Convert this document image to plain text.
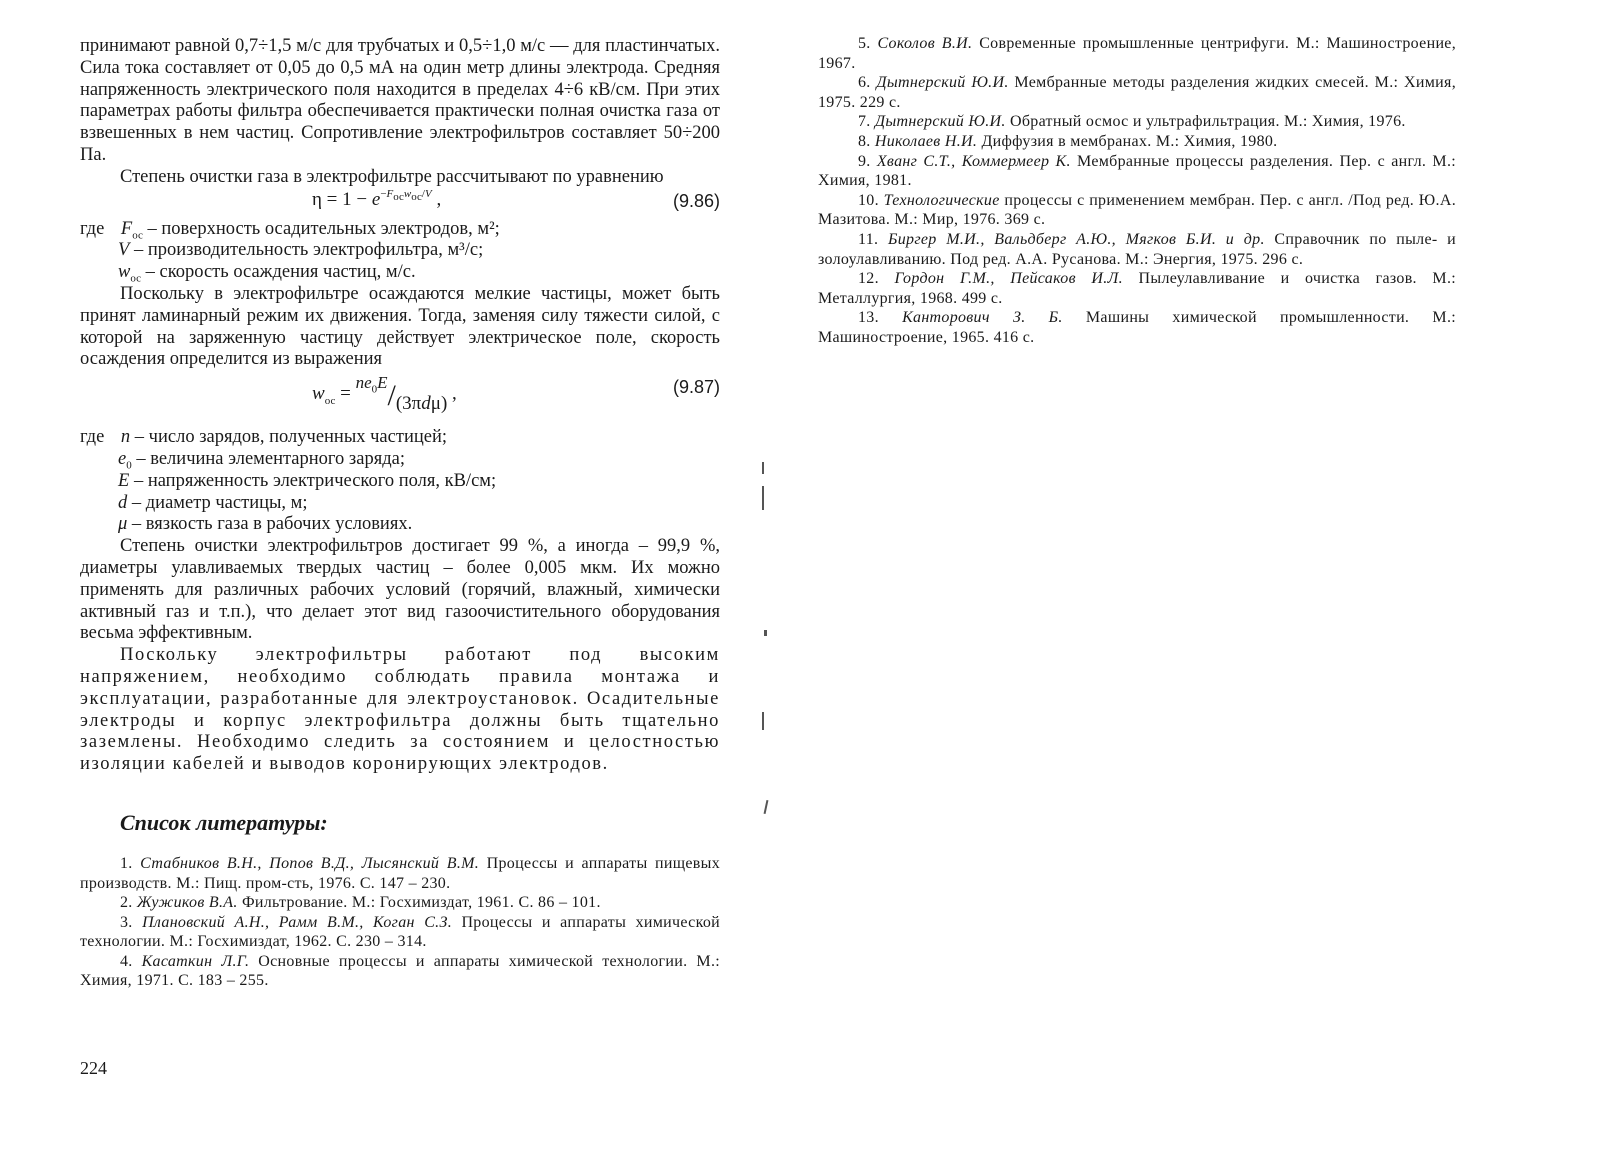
принимают равной 0,7÷1,5 м/с для трубчатых и 0,5÷1,0 м/с — для пластинчатых. Сила тока составляет от 0,05 до 0,5 мА на один метр длины электрода. Средняя напряженность электрического поля находится в пределах 4÷6 кВ/см. При этих параметрах работы фильтра обеспечивается практически полная очистка газа от взвешенных в нем частиц. Сопротивление электрофильтров составляет 50÷200 Па.

Степень очистки газа в электрофильтре рассчитывают по уравнению

$\eta = 1 - e^{-F_{ос}w_{ос}/V}$ ,	(9.86)
где $F_{ос}$ – поверхность осадительных электродов, м²;
V – производительность электрофильтра, м³/с;
$w_{ос}$ – скорость осаждения частиц, м/с.

Поскольку в электрофильтре осаждаются мелкие частицы, может быть принят ламинарный режим их движения. Тогда, заменяя силу тяжести силой, с которой на заряженную частицу действует электрическое поле, скорость осаждения определится из выражения

$w_{ос} = ^{ne_0E}/(3\pi d\mu)$ ,	(9.87)
где n – число зарядов, полученных частицей;
$e_0$ – величина элементарного заряда;
E – напряженность электрического поля, кВ/см;
d – диаметр частицы, м;
μ – вязкость газа в рабочих условиях.

Степень очистки электрофильтров достигает 99 %, а иногда – 99,9 %, диаметры улавливаемых твердых частиц – более 0,005 мкм. Их можно применять для различных рабочих условий (горячий, влажный, химически активный газ и т.п.), что делает этот вид газоочистительного оборудования весьма эффективным.

Поскольку электрофильтры работают под высоким напряжением, необходимо соблюдать правила монтажа и эксплуатации, разработанные для электроустановок. Осадительные электроды и корпус электрофильтра должны быть тщательно заземлены. Необходимо следить за состоянием и целостностью изоляции кабелей и выводов коронирующих электродов.

Список литературы:

1. Стабников В.Н., Попов В.Д., Лысянский В.М. Процессы и аппараты пищевых производств. М.: Пищ. пром-сть, 1976. С. 147 – 230.

2. Жужиков В.А. Фильтрование. М.: Госхимиздат, 1961. С. 86 – 101.

3. Плановский А.Н., Рамм В.М., Коган С.З. Процессы и аппараты химической технологии. М.: Госхимиздат, 1962. С. 230 – 314.

4. Касаткин Л.Г. Основные процессы и аппараты химической технологии. М.: Химия, 1971. С. 183 – 255.

224

5. Соколов В.И. Современные промышленные центрифуги. М.: Машиностроение, 1967.

6. Дытнерский Ю.И. Мембранные методы разделения жидких смесей. М.: Химия, 1975. 229 с.

7. Дытнерский Ю.И. Обратный осмос и ультрафильтрация. М.: Химия, 1976.

8. Николаев Н.И. Диффузия в мембранах. М.: Химия, 1980.

9. Хванг С.Т., Коммермеер К. Мембранные процессы разделения. Пер. с англ. М.: Химия, 1981.

10. Технологические процессы с применением мембран. Пер. с англ. /Под ред. Ю.А. Мазитова. М.: Мир, 1976. 369 с.

11. Биргер М.И., Вальдберг А.Ю., Мягков Б.И. и др. Справочник по пыле- и золоулавливанию. Под ред. А.А. Русанова. М.: Энергия, 1975. 296 с.

12. Гордон Г.М., Пейсаков И.Л. Пылеулавливание и очистка газов. М.: Металлургия, 1968. 499 с.

13. Канторович З. Б. Машины химической промышленности. М.: Машиностроение, 1965. 416 с.
